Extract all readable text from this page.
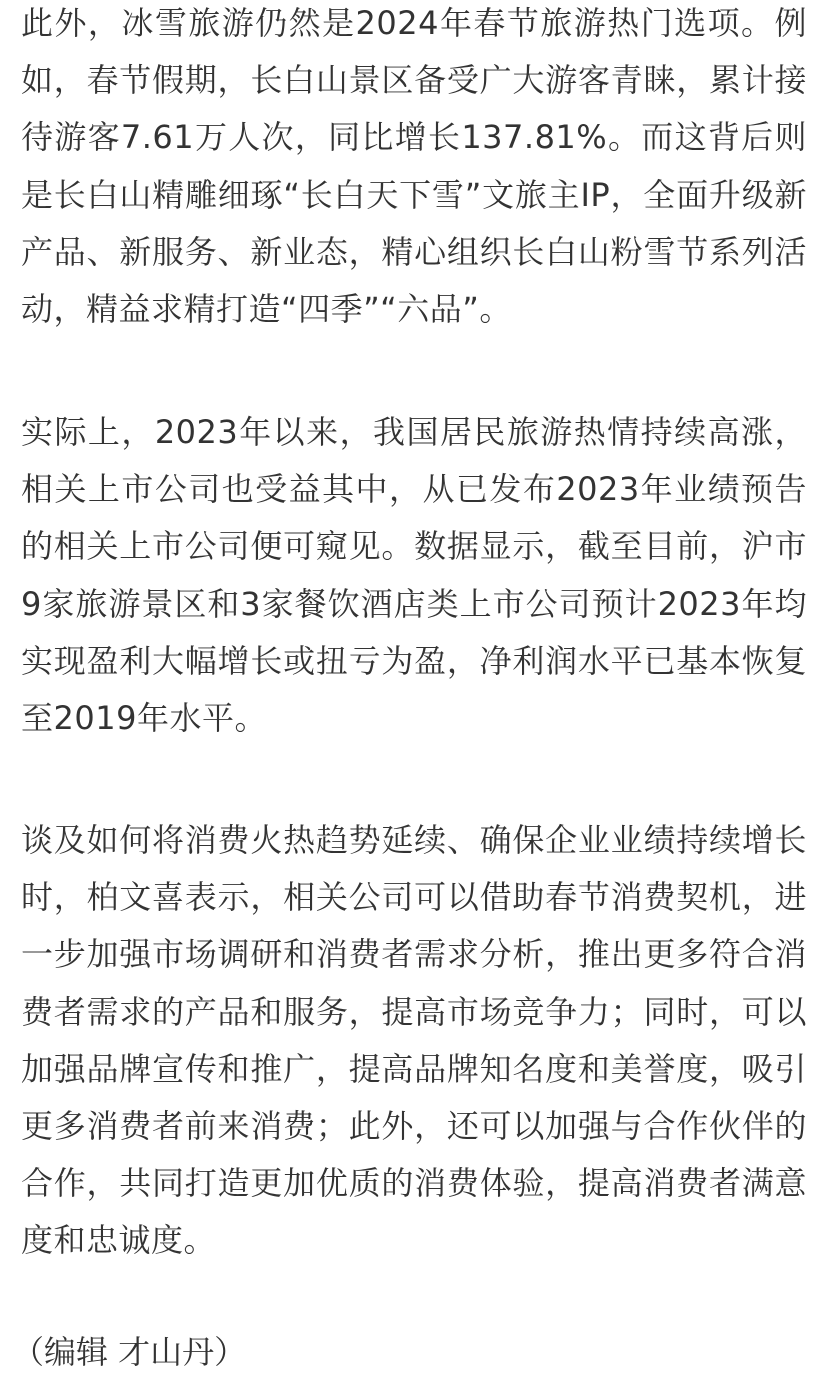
此外，冰雪旅游仍然是2024年春节旅游热门选项。例如，春节假期，长白山景区备受广大游客青睐，累计接待游客7.61万人次，同比增长137.81%。而这背后则是长白山精雕细琢“长白天下雪”文旅主IP，全面升级新产品、新服务、新业态，精心组织长白山粉雪节系列活动，精益求精打造“四季”“六品”。

实际上，2023年以来，我国居民旅游热情持续高涨，相关上市公司也受益其中，从已发布2023年业绩预告的相关上市公司便可窥见。数据显示，截至目前，沪市9家旅游景区和3家餐饮酒店类上市公司预计2023年均实现盈利大幅增长或扭亏为盈，净利润水平已基本恢复至2019年水平。

谈及如何将消费火热趋势延续、确保企业业绩持续增长时，柏文喜表示，相关公司可以借助春节消费契机，进一步加强市场调研和消费者需求分析，推出更多符合消费者需求的产品和服务，提高市场竞争力；同时，可以加强品牌宣传和推广，提高品牌知名度和美誉度，吸引更多消费者前来消费；此外，还可以加强与合作伙伴的合作，共同打造更加优质的消费体验，提高消费者满意度和忠诚度。

（编辑 才山丹）
